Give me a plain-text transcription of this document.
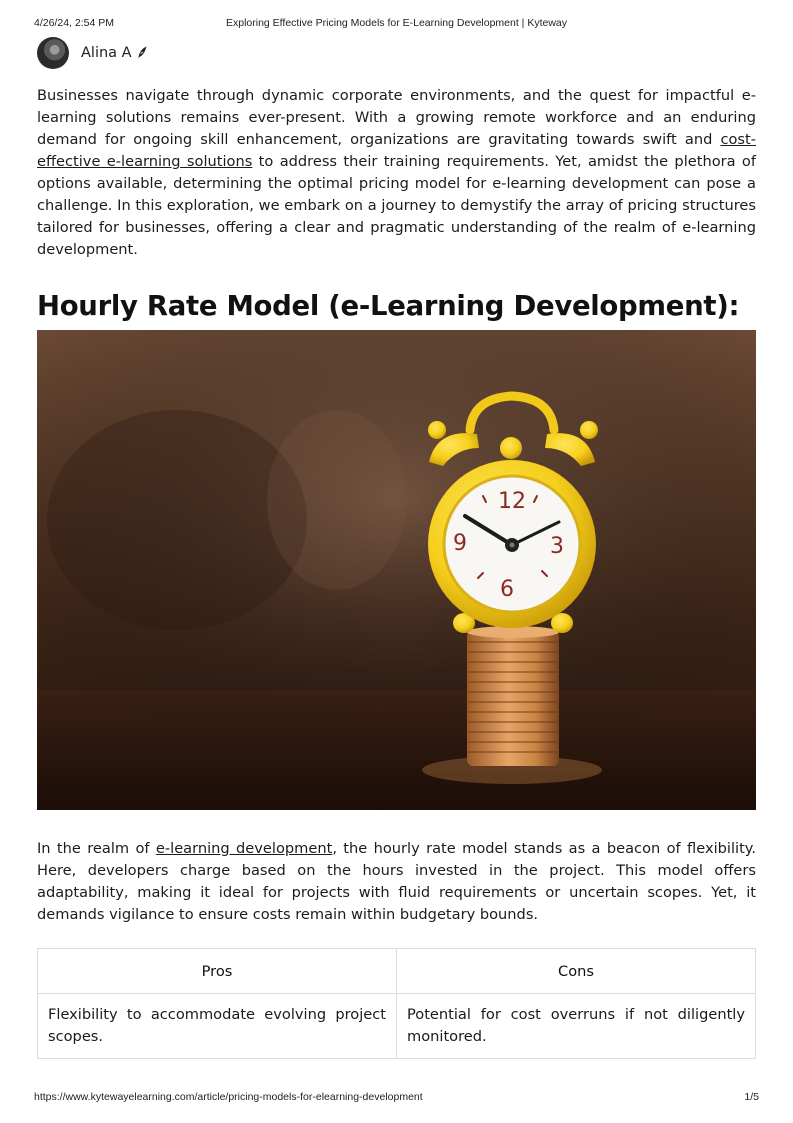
4/26/24, 2:54 PM	Exploring Effective Pricing Models for E-Learning Development | Kyteway
Alina A

Businesses navigate through dynamic corporate environments, and the quest for impactful e-learning solutions remains ever-present. With a growing remote workforce and an enduring demand for ongoing skill enhancement, organizations are gravitating towards swift and cost-effective e-learning solutions to address their training requirements. Yet, amidst the plethora of options available, determining the optimal pricing model for e-learning development can pose a challenge. In this exploration, we embark on a journey to demystify the array of pricing structures tailored for businesses, offering a clear and pragmatic understanding of the realm of e-learning development.

Hourly Rate Model (e-Learning Development):
12
3
6
9

In the realm of e-learning development, the hourly rate model stands as a beacon of flexibility. Here, developers charge based on the hours invested in the project. This model offers adaptability, making it ideal for projects with fluid requirements or uncertain scopes. Yet, it demands vigilance to ensure costs remain within budgetary bounds.

Pros	Cons
Flexibility to accommodate evolving project scopes.	Potential for cost overruns if not diligently monitored.
https://www.kytewayelearning.com/article/pricing-models-for-elearning-development	1/5
